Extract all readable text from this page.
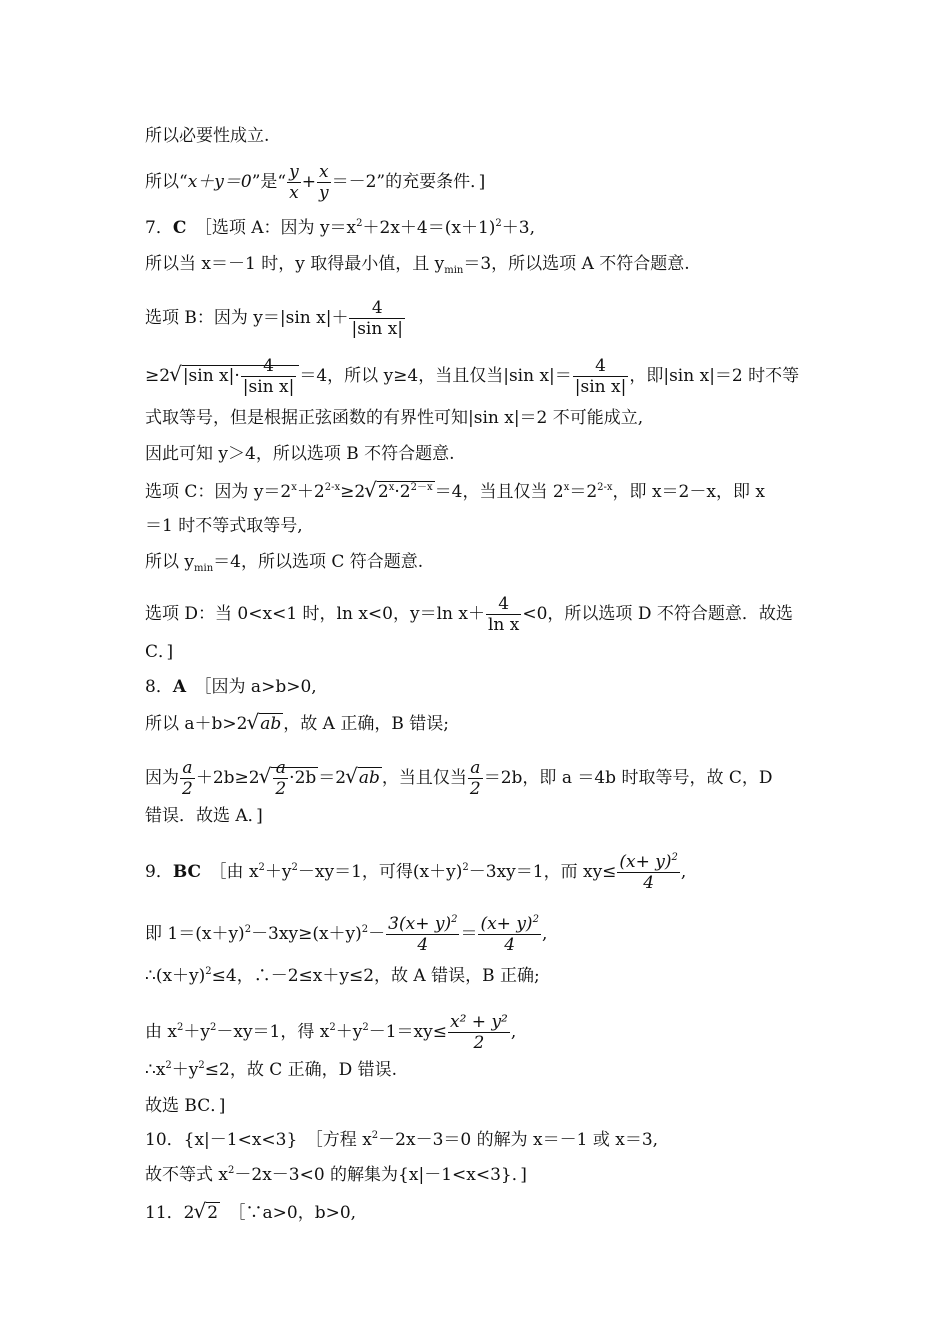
所以必要性成立.
所以“x＋y＝0”是“ $\frac{y}{x} + \frac{x}{y} =-2$”的充要条件．]
7．C　 ［选项 A：因为 $y=x^2+2x+4=(x+1)^2+3$,
所以当 x＝－1 时，y 取得最小值，且 $y_{min}=3$，所以选项 A 不符合题意.
选项 B：因为 y＝|sin $x|+ \frac{4}{\text{|sin x|}}$
≥2√|sin $x|\cdot \frac{4}{\text{|sin x|}} =4$，所以 y≥4，当且仅当|sin $x|= \frac{4}{\text{|sin x|}}$ ，即|sin x|＝2 时不等
式取等号，但是根据正弦函数的有界性可知|sin x|＝2 不可能成立,
因此可知 y＞4，所以选项 B 不符合题意.
选项 C：因为 $y=2^x+2^{2-x}\ge 2√2^x\cdot 2^{2-x} =4$，当且仅当 $2^x=2^{2-x}$，即 x＝2－x，即 x
＝1 时不等式取等号,
所以 $y_{min}=4$，所以选项 C 符合题意.
选项 D：当 0<x<1 时，ln x<0，y＝ln $x+ \frac{4}{\text{ln x}} <0$，所以选项 D 不符合题意．故选
C．]
8．A　 ［因为 a>b>0,
所以 a＋b>2√ab ，故 A 正确，B 错误;
因为 $\frac{a}{2} +2b\ge 2√ \frac{a}{2} \cdot 2b =2√ab$ ，当且仅当 $\frac{a}{2} =2b$，即 a ＝4b 时取等号，故 C，D
错误．故选 A．]
9．BC　 ［由 $x^2+y^2-xy=1$，可得$(x+y)^2-3xy=1$，而 $xy\le \frac{(x+ y)^2}{4}$ ,
即 $1=(x+y)^2-3xy\ge(x+y)^2- \frac{3(x+ y)^2}{4} = \frac{(x+ y)^2}{4}$ ,
$\therefore(x+y)^2\le 4$，∴－2≤x＋y≤2，故 A 错误，B 正确;
由 $x^2+y^2-xy=1$，得 $x^2+y^2-1=xy\le \frac{\text{x² + y²}}{2}$ ,
$\therefore x^2+y^2\le 2$，故 C 正确，D 错误.
故选 BC．]
10．{x|－1<x<3}　 ［方程 $x^2-2x-3=0$ 的解为 x＝－1 或 x＝3,
故不等式 $x^2-2x-3<0$ 的解集为{x|－1<x<3}．]
11．2√2　 ［∵a>0，b>0,
